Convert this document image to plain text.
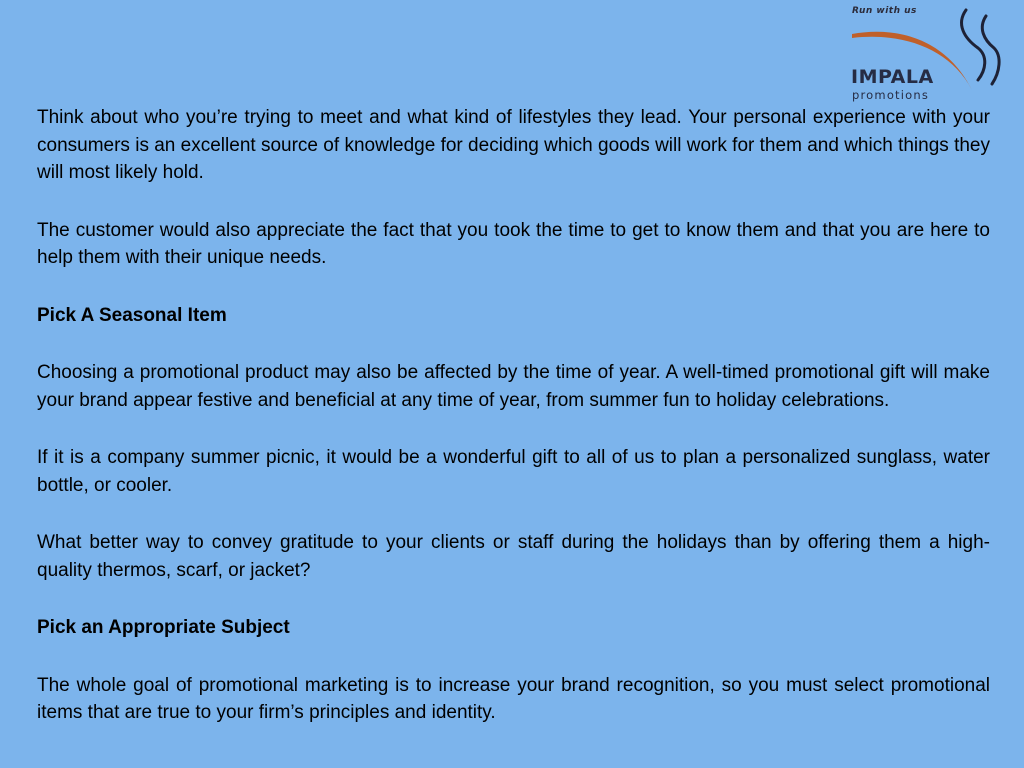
Run with us
IMPALA
promotions

Think about who you’re trying to meet and what kind of lifestyles they lead. Your personal experience with your consumers is an excellent source of knowledge for deciding which goods will work for them and which things they will most likely hold.

The customer would also appreciate the fact that you took the time to get to know them and that you are here to help them with their unique needs.

Pick A Seasonal Item

Choosing a promotional product may also be affected by the time of year. A well-timed promotional gift will make your brand appear festive and beneficial at any time of year, from summer fun to holiday celebrations.

If it is a company summer picnic, it would be a wonderful gift to all of us to plan a personalized sunglass, water bottle, or cooler.

What better way to convey gratitude to your clients or staff during the holidays than by offering them a high-quality thermos, scarf, or jacket?

Pick an Appropriate Subject

The whole goal of promotional marketing is to increase your brand recognition, so you must select promotional items that are true to your firm’s principles and identity.
